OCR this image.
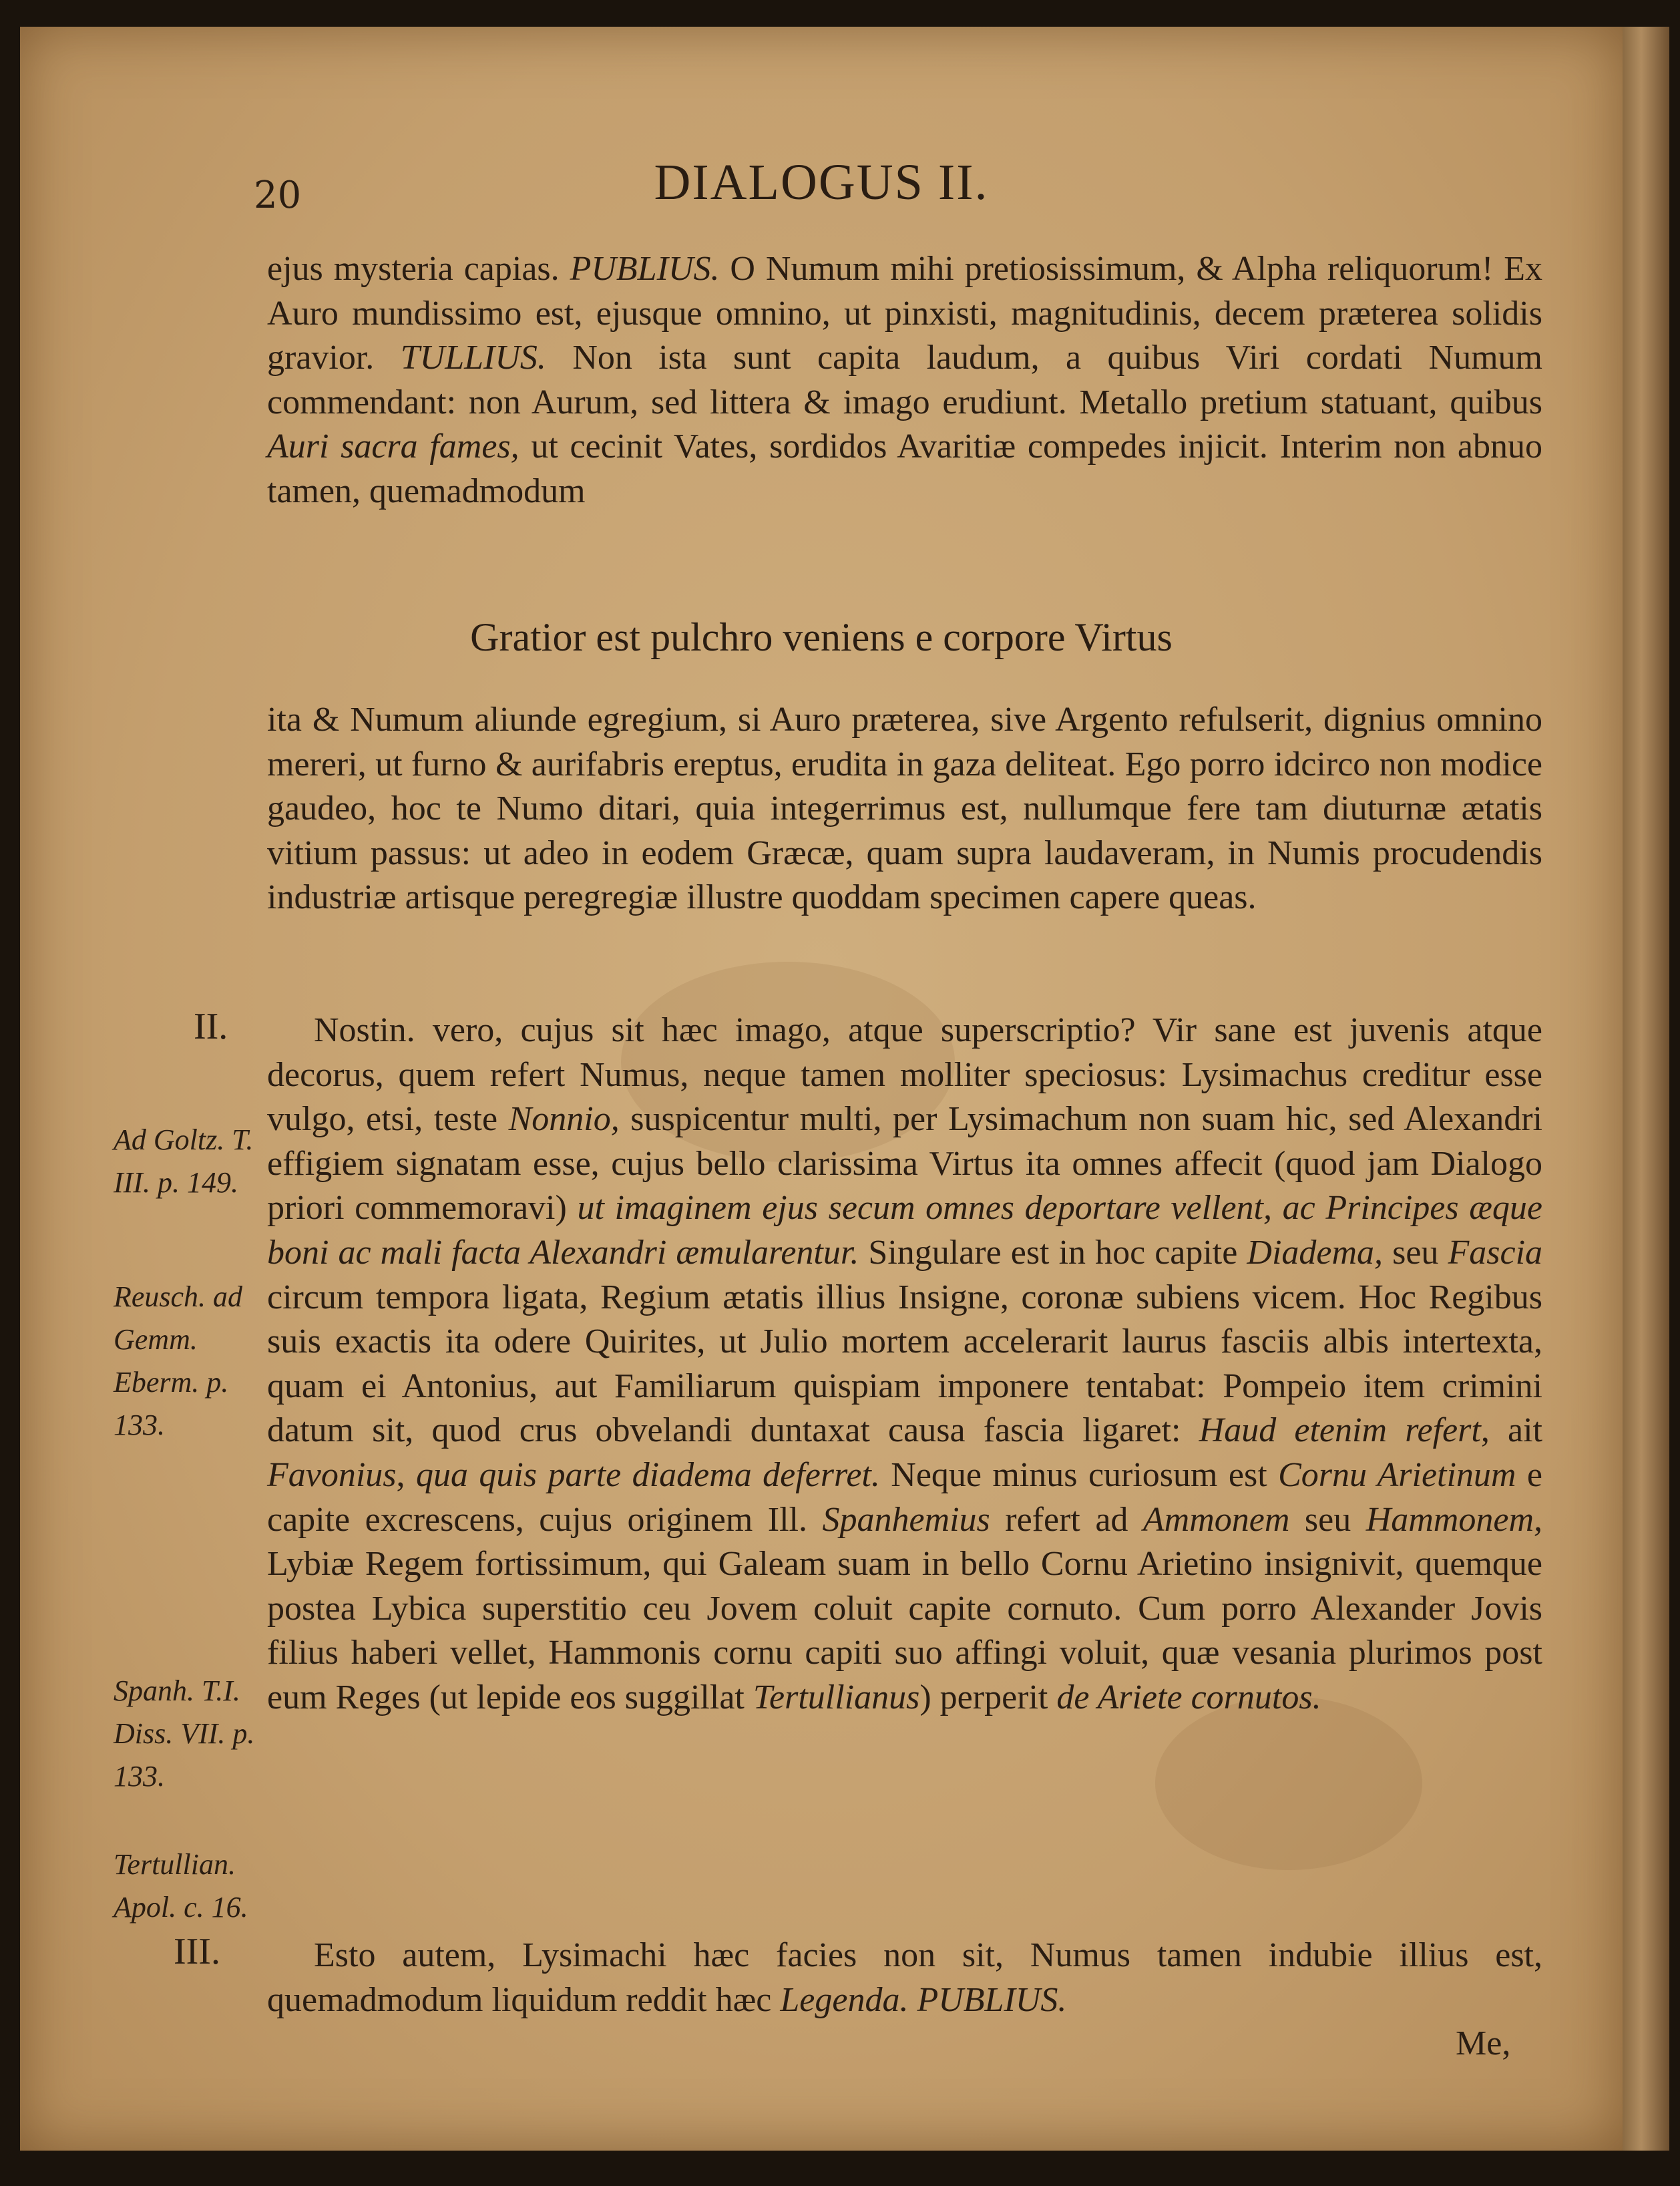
20	DIALOGUS II.

ejus mysteria capias. PUBLIUS. O Numum mihi pretiosissimum, & Alpha reliquorum! Ex Auro mundissimo est, ejusque omnino, ut pinxisti, magnitudinis, decem præterea solidis gravior. TULLIUS. Non ista sunt capita laudum, a quibus Viri cordati Numum commendant: non Aurum, sed littera & imago erudiunt. Metallo pretium statuant, quibus Auri sacra fames, ut cecinit Vates, sordidos Avaritiæ compedes injicit. Interim non abnuo tamen, quemadmodum

Gratior est pulchro veniens e corpore Virtus

ita & Numum aliunde egregium, si Auro præterea, sive Argento refulserit, dignius omnino mereri, ut furno & aurifabris ereptus, erudita in gaza deliteat. Ego porro idcirco non modice gaudeo, hoc te Numo ditari, quia integerrimus est, nullumque fere tam diuturnæ ætatis vitium passus: ut adeo in eodem Græcæ, quam supra laudaveram, in Numis procudendis industriæ artisque peregregiæ illustre quoddam specimen capere queas.

II.	Nostin. vero, cujus sit hæc imago, atque superscriptio? Vir sane est juvenis atque decorus, quem refert Numus, neque tamen molliter speciosus: Lysimachus creditur esse vulgo, etsi, teste Nonnio, suspicentur multi, per Lysimachum non suam hic, sed Alexandri effigiem signatam esse, cujus bello clarissima Virtus ita omnes affecit (quod jam Dialogo priori commemoravi) ut imaginem ejus secum omnes deportare vellent, ac Principes æque boni ac mali facta Alexandri æmularentur. Singulare est in hoc capite Diadema, seu Fascia circum tempora ligata, Regium ætatis illius Insigne, coronæ subiens vicem. Hoc Regibus suis exactis ita odere Quirites, ut Julio mortem accelerarit laurus fasciis albis intertexta, quam ei Antonius, aut Familiarum quispiam imponere tentabat: Pompeio item crimini datum sit, quod crus obvelandi duntaxat causa fascia ligaret: Haud etenim refert, ait Favonius, qua quis parte diadema deferret. Neque minus curiosum est Cornu Arietinum e capite excrescens, cujus originem Ill. Spanhemius refert ad Ammonem seu Hammonem, Lybiæ Regem fortissimum, qui Galeam suam in bello Cornu Arietino insignivit, quemque postea Lybica superstitio ceu Jovem coluit capite cornuto. Cum porro Alexander Jovis filius haberi vellet, Hammonis cornu capiti suo affingi voluit, quæ vesania plurimos post eum Reges (ut lepide eos suggillat Tertullianus) perperit de Ariete cornutos.

III.	Esto autem, Lysimachi hæc facies non sit, Numus tamen indubie illius est, quemadmodum liquidum reddit hæc Legenda. PUBLIUS.

Me,
Ad Goltz. T. III. p. 149.
Reusch. ad Gemm. Eberm. p. 133.
Spanh. T.I. Diss. VII. p. 133.
Tertullian. Apol. c. 16.
